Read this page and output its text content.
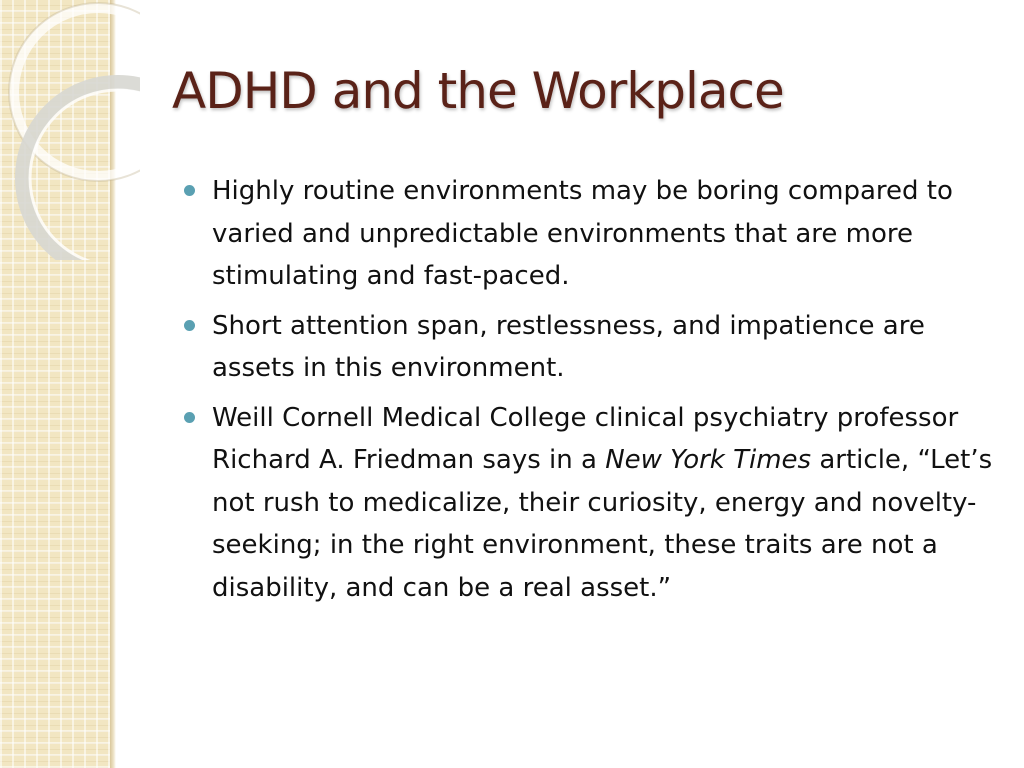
ADHD and the Workplace
Highly routine environments may be boring compared to varied and unpredictable environments that are more stimulating and fast-paced.
Short attention span, restlessness, and impatience are assets in this environment.
Weill Cornell Medical College clinical psychiatry professor Richard A. Friedman says in a New York Times article, “Let’s not rush to medicalize, their curiosity, energy and novelty-seeking; in the right environment, these traits are not a disability, and can be a real asset.”
